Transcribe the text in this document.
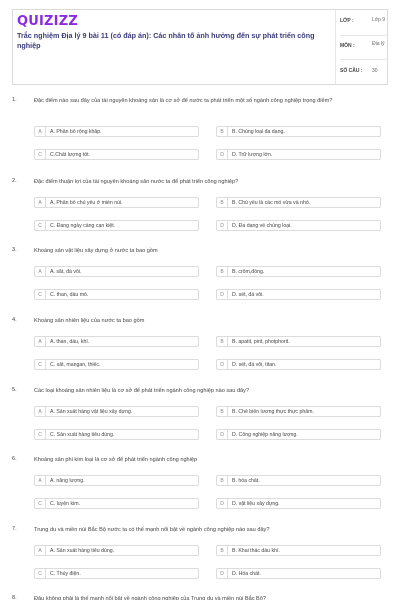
QUIZIZZ
Trắc nghiệm Địa lý 9 bài 11 (có đáp án): Các nhân tố ảnh hưởng đến sự phát triển công nghiệp
LỚP :	Lớp 9
MÔN :	Địa lý
SỐ CÂU : 30
1.	Đặc điểm nào sau đây của tài nguyên khoáng sản là cơ sở để nước ta phát triển một số ngành công nghiệp trọng điểm?
A	A. Phân bố rộng khắp.	B	B. Chủng loại đa dạng.
C	C.Chất lượng tốt.	D	D. Trữ lượng lớn.
2.	Đặc điểm thuận lợi của tài nguyên khoáng sản nước ta để phát triển công nghiệp?
A	A. Phân bố chủ yếu ở miền núi.	B	B. Chủ yếu là các mỏ vừa và nhỏ.
C	C. Đang ngày càng cạn kiệt.	D	D. Đa dạng về chủng loại.
3.	Khoáng sản vật liệu xây dựng ở nước ta bao gồm
A	A. sắt, đá vôi.	B	B. crôm,đồng.
C	C. than, dầu mỏ.	D	D. sét, đá vôi.
4.	Khoáng sản nhiên liệu của nước ta bao gồm
A	A. than, dầu, khí.	B	B. apatit, pirit, photphorit.
C	C. sắt, mangan, thiếc.	D	D. sét, đá vôi, titan.
5.	Các loại khoáng sản nhiên liệu là cơ sở để phát triển ngành công nghiệp nào sau đây?
A	A. Sản xuất hàng vật liệu xây dựng.	B	B. Chế biến lương thực thực phẩm.
C	C. Sản xuất hàng tiêu dùng.	D	D. Công nghiệp năng lượng.
6.	Khoáng sản phi kim loại là cơ sở để phát triển ngành công nghiệp
A	A. năng lượng.	B	B. hóa chất.
C	C. luyện kim.	D	D. vật liệu xây dựng.
7.	Trung du và miền núi Bắc Bộ nước ta có thế mạnh nổi bật về ngành công nghiệp nào sau đây?
A	A. Sản xuất hàng tiêu dùng.	B	B. Khai thác dầu khí.
C	C. Thủy điện.	D	D. Hóa chất.
8.	Đâu không phải là thế mạnh nổi bật về ngành công nghiệp của Trung du và miền núi Bắc Bộ?
